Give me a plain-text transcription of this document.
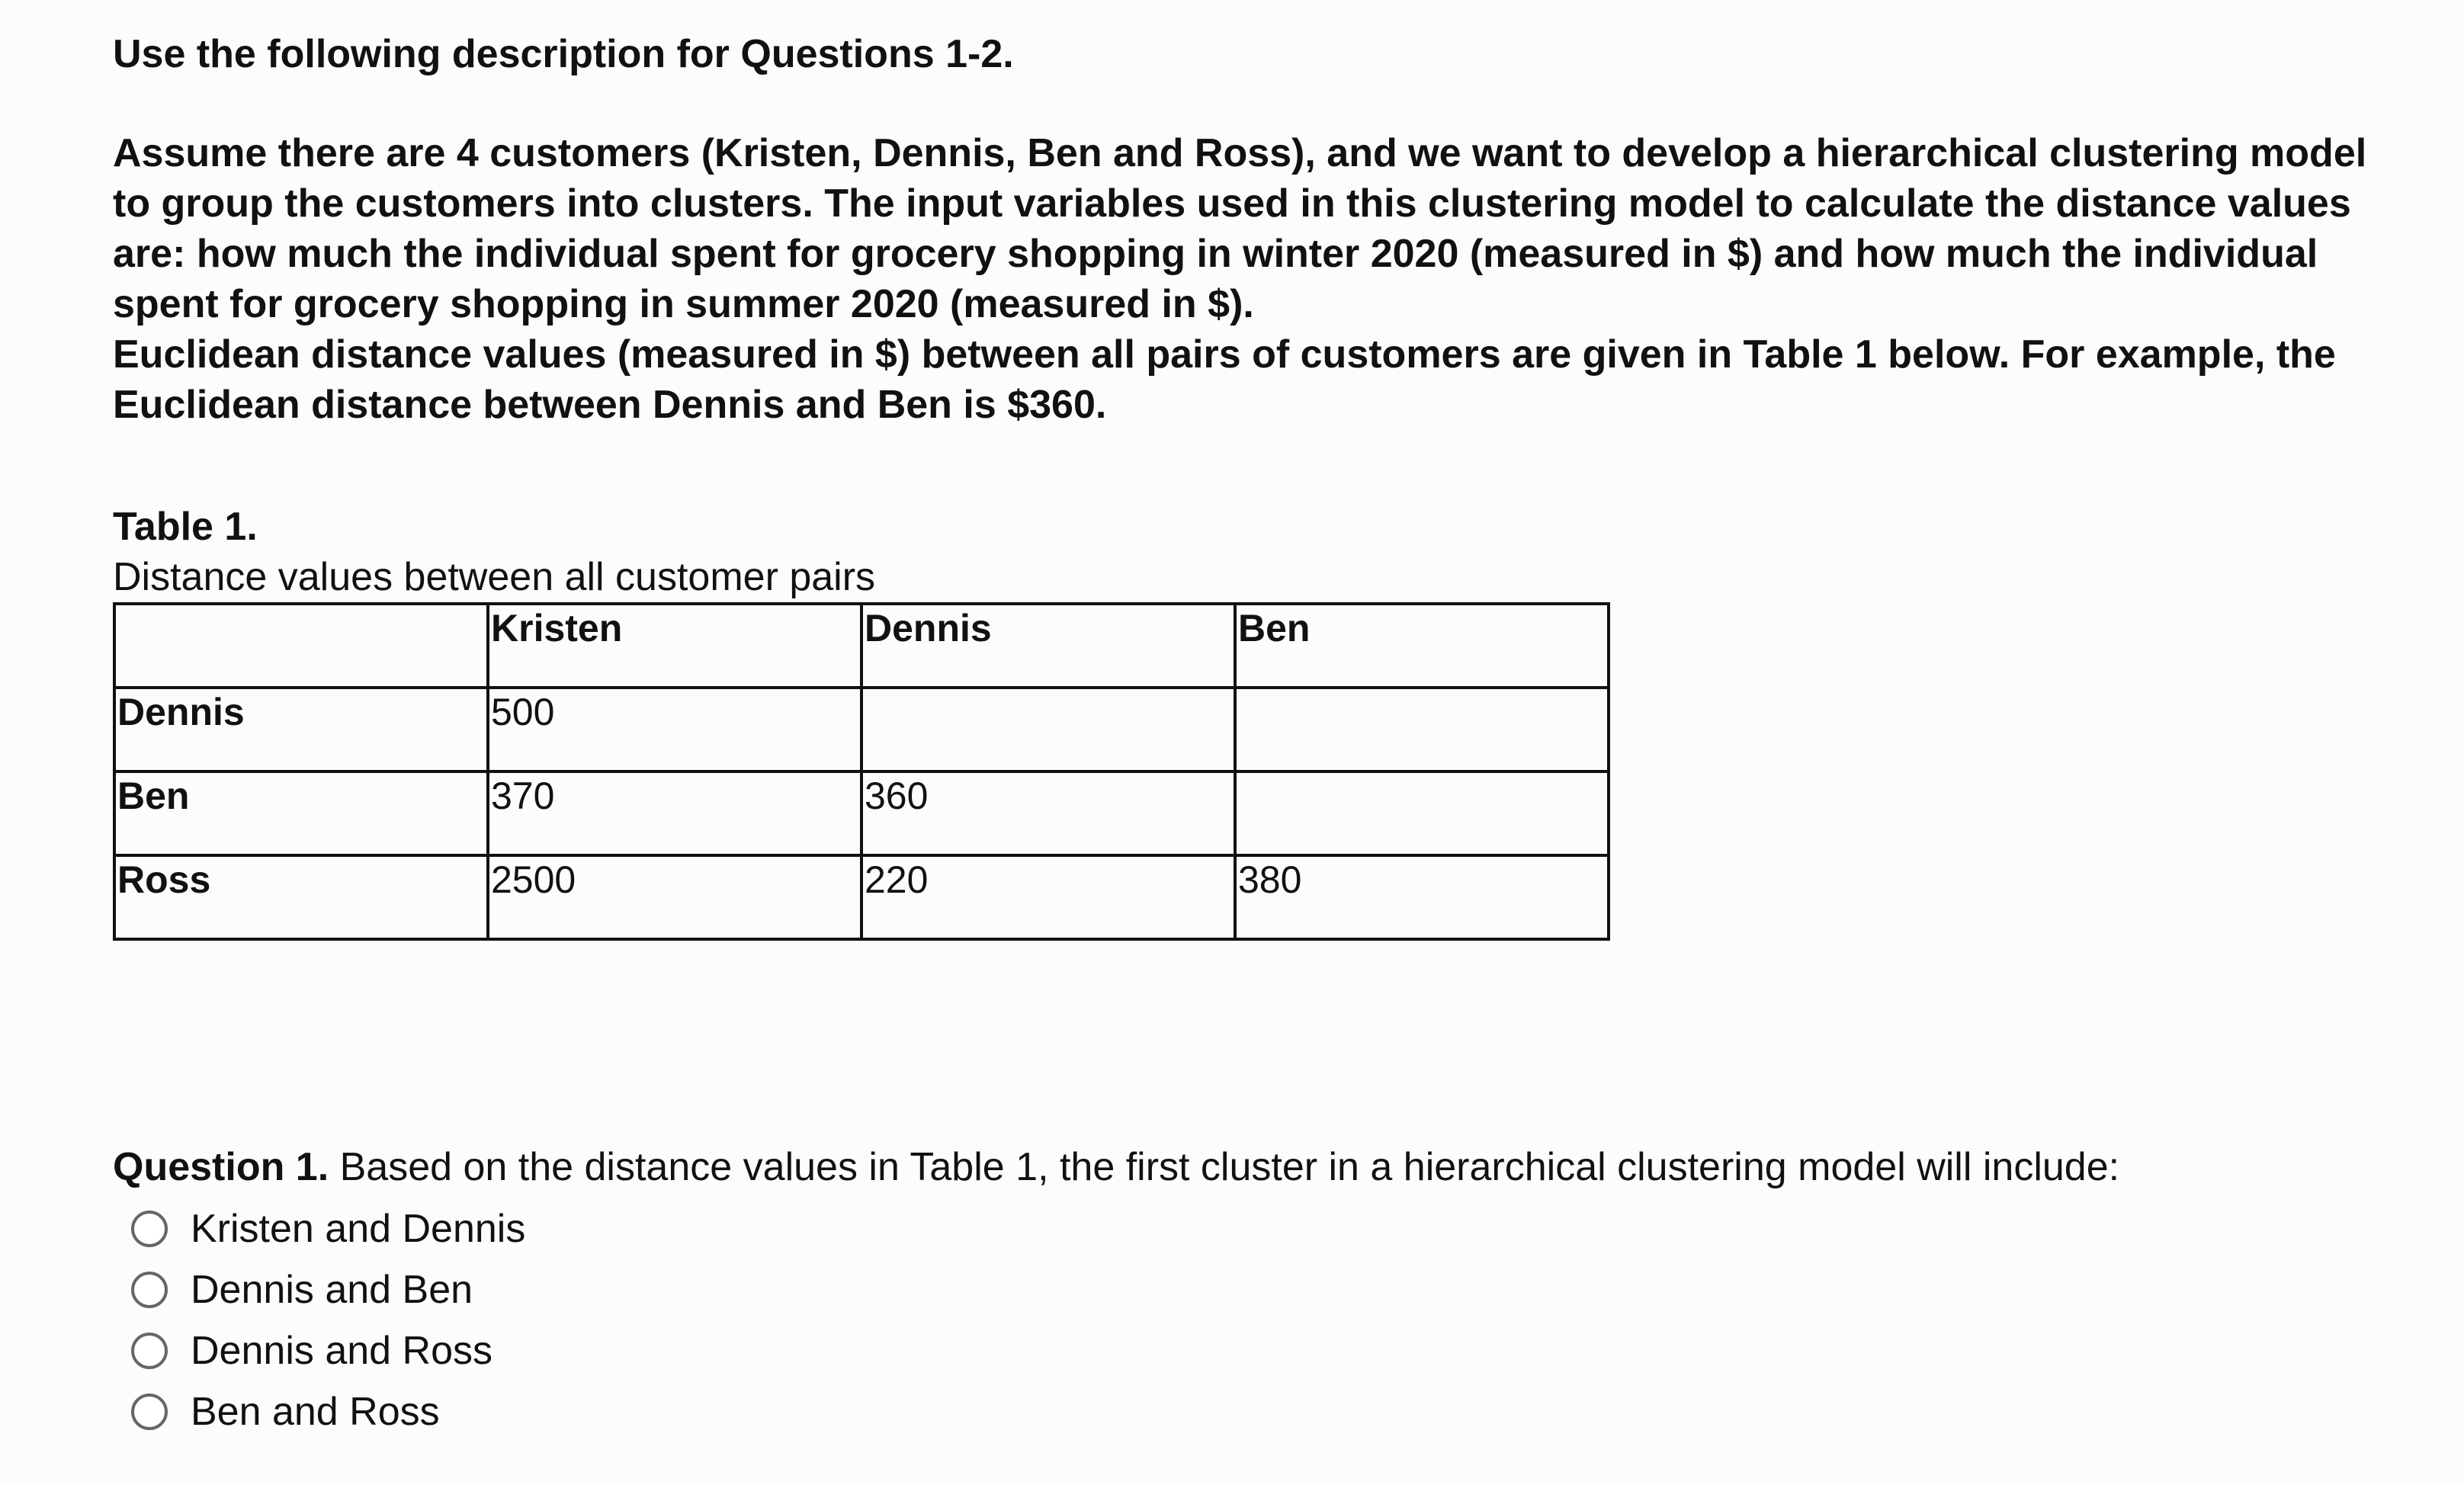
Use the following description for Questions 1-2.

Assume there are 4 customers (Kristen, Dennis, Ben and Ross), and we want to develop a hierarchical clustering model to group the customers into clusters. The input variables used in this clustering model to calculate the distance values are: how much the individual spent for grocery shopping in winter 2020 (measured in $) and how much the individual spent for grocery shopping in summer 2020 (measured in $).

Euclidean distance values (measured in $) between all pairs of customers are given in Table 1 below. For example, the Euclidean distance between Dennis and Ben is $360.

Table 1.

Distance values between all customer pairs

	Kristen	Dennis	Ben
Dennis	500		
Ben	370	360	
Ross	2500	220	380
Question 1. Based on the distance values in Table 1, the first cluster in a hierarchical clustering model will include:
Kristen and Dennis
Dennis and Ben
Dennis and Ross
Ben and Ross
